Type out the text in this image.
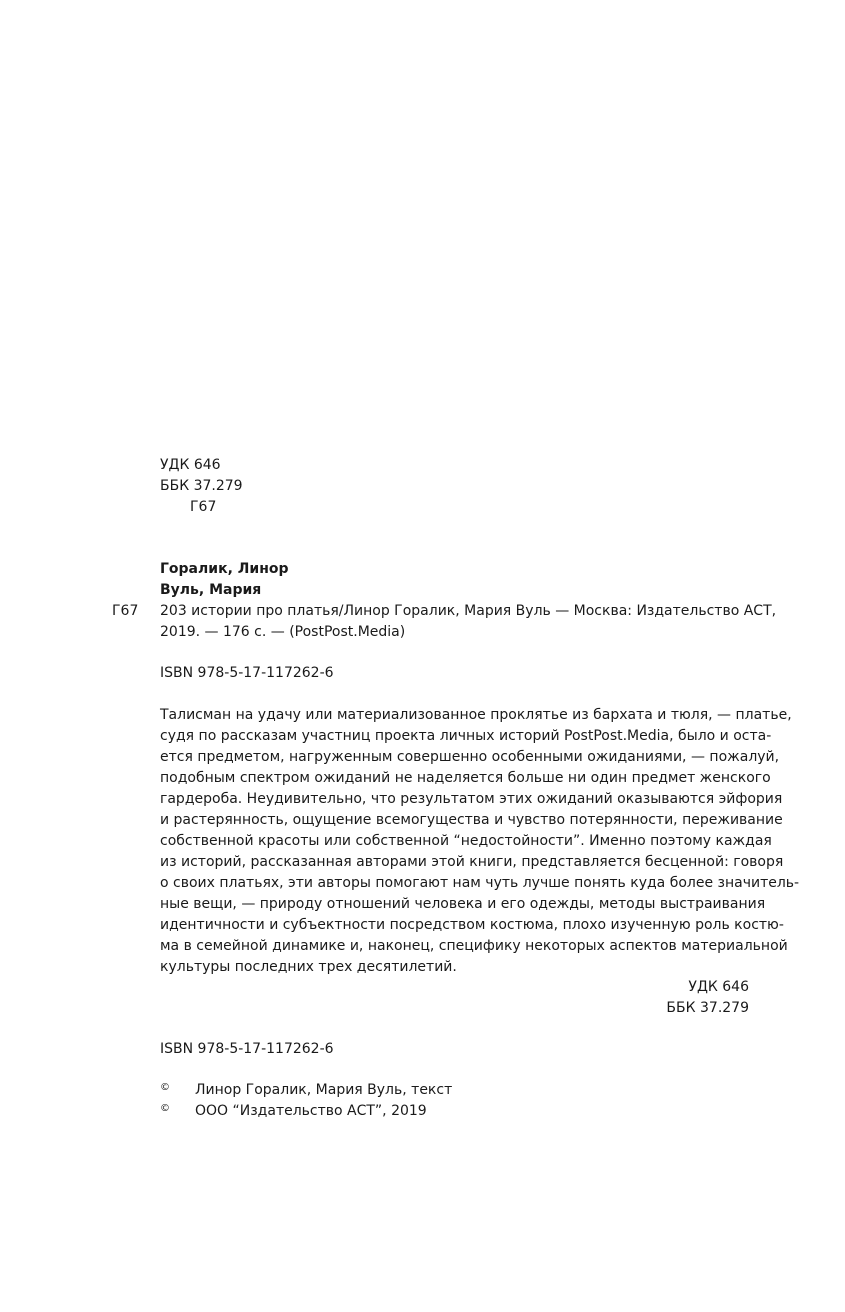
УДК 646
ББК 37.279
Г67
Горалик, Линор
Вуль, Мария
Г67 203 истории про платья/Линор Горалик, Мария Вуль — Москва: Издательство АСТ,
2019. — 176 с. — (PostPost.Media)
ISBN 978-5-17-117262-6
Талисман на удачу или материализованное проклятье из бархата и тюля, — платье,
судя по рассказам участниц проекта личных историй PostPost.Media, было и оста-
ется предметом, нагруженным совершенно особенными ожиданиями, — пожалуй,
подобным спектром ожиданий не наделяется больше ни один предмет женского
гардероба. Неудивительно, что результатом этих ожиданий оказываются эйфория
и растерянность, ощущение всемогущества и чувство потерянности, переживание
собственной красоты или собственной “недостойности”. Именно поэтому каждая
из историй, рассказанная авторами этой книги, представляется бесценной: говоря
о своих платьях, эти авторы помогают нам чуть лучше понять куда более значитель-
ные вещи, — природу отношений человека и его одежды, методы выстраивания
идентичности и субъектности посредством костюма, плохо изученную роль костю-
ма в семейной динамике и, наконец, специфику некоторых аспектов материальной
культуры последних трех десятилетий.
УДК 646
ББК 37.279
ISBN 978-5-17-117262-6
© Линор Горалик, Мария Вуль, текст
© ООО “Издательство АСТ”, 2019
